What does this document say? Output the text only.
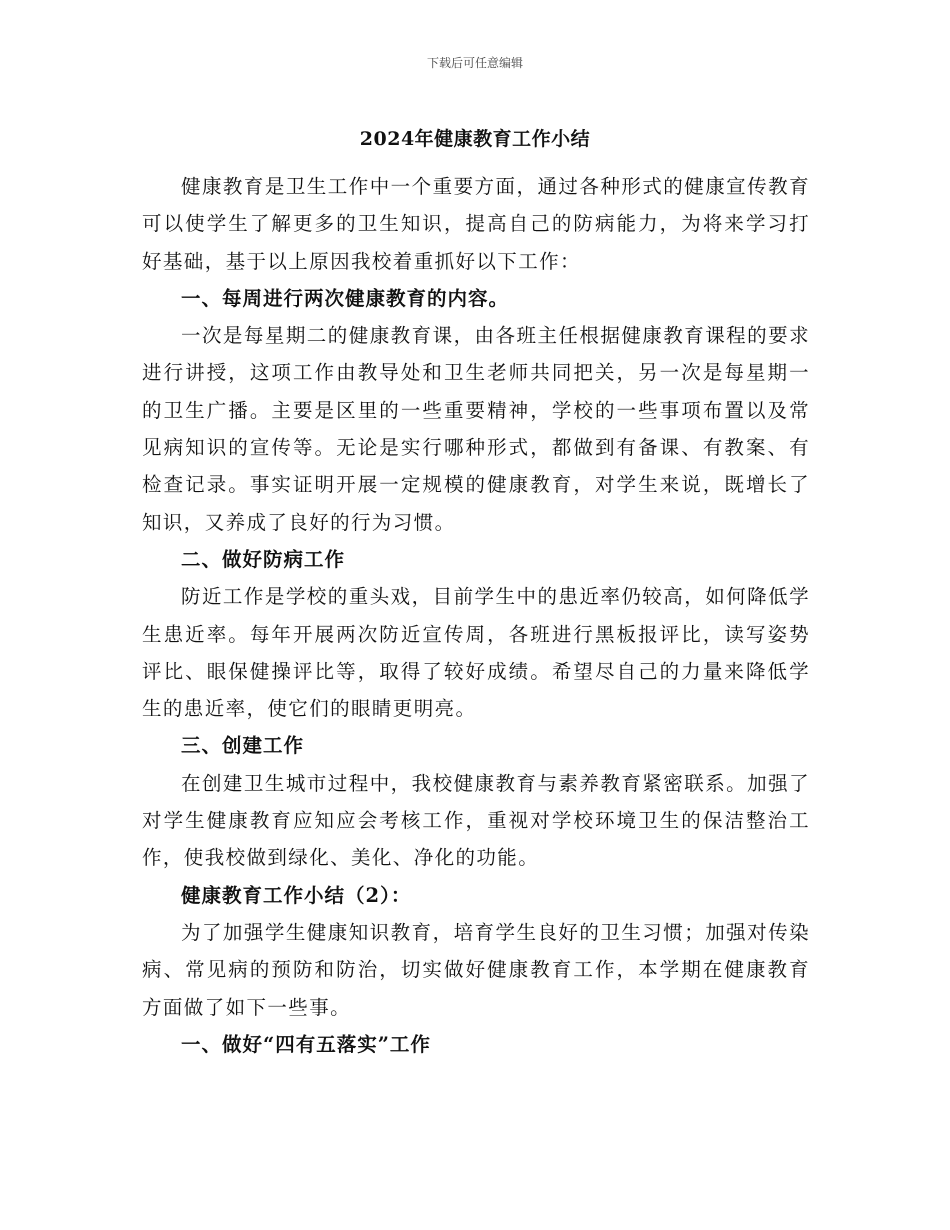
下载后可任意编辑
2024年健康教育工作小结

健康教育是卫生工作中一个重要方面，通过各种形式的健康宣传教育可以使学生了解更多的卫生知识，提高自己的防病能力，为将来学习打好基础，基于以上原因我校着重抓好以下工作：

一、每周进行两次健康教育的内容。

一次是每星期二的健康教育课，由各班主任根据健康教育课程的要求进行讲授，这项工作由教导处和卫生老师共同把关，另一次是每星期一的卫生广播。主要是区里的一些重要精神，学校的一些事项布置以及常见病知识的宣传等。无论是实行哪种形式，都做到有备课、有教案、有检查记录。事实证明开展一定规模的健康教育，对学生来说，既增长了知识，又养成了良好的行为习惯。

二、做好防病工作

防近工作是学校的重头戏，目前学生中的患近率仍较高，如何降低学生患近率。每年开展两次防近宣传周，各班进行黑板报评比，读写姿势评比、眼保健操评比等，取得了较好成绩。希望尽自己的力量来降低学生的患近率，使它们的眼睛更明亮。

三、创建工作

在创建卫生城市过程中，我校健康教育与素养教育紧密联系。加强了对学生健康教育应知应会考核工作，重视对学校环境卫生的保洁整治工作，使我校做到绿化、美化、净化的功能。

健康教育工作小结（2）：

为了加强学生健康知识教育，培育学生良好的卫生习惯；加强对传染病、常见病的预防和防治，切实做好健康教育工作，本学期在健康教育方面做了如下一些事。

一、做好“四有五落实”工作
